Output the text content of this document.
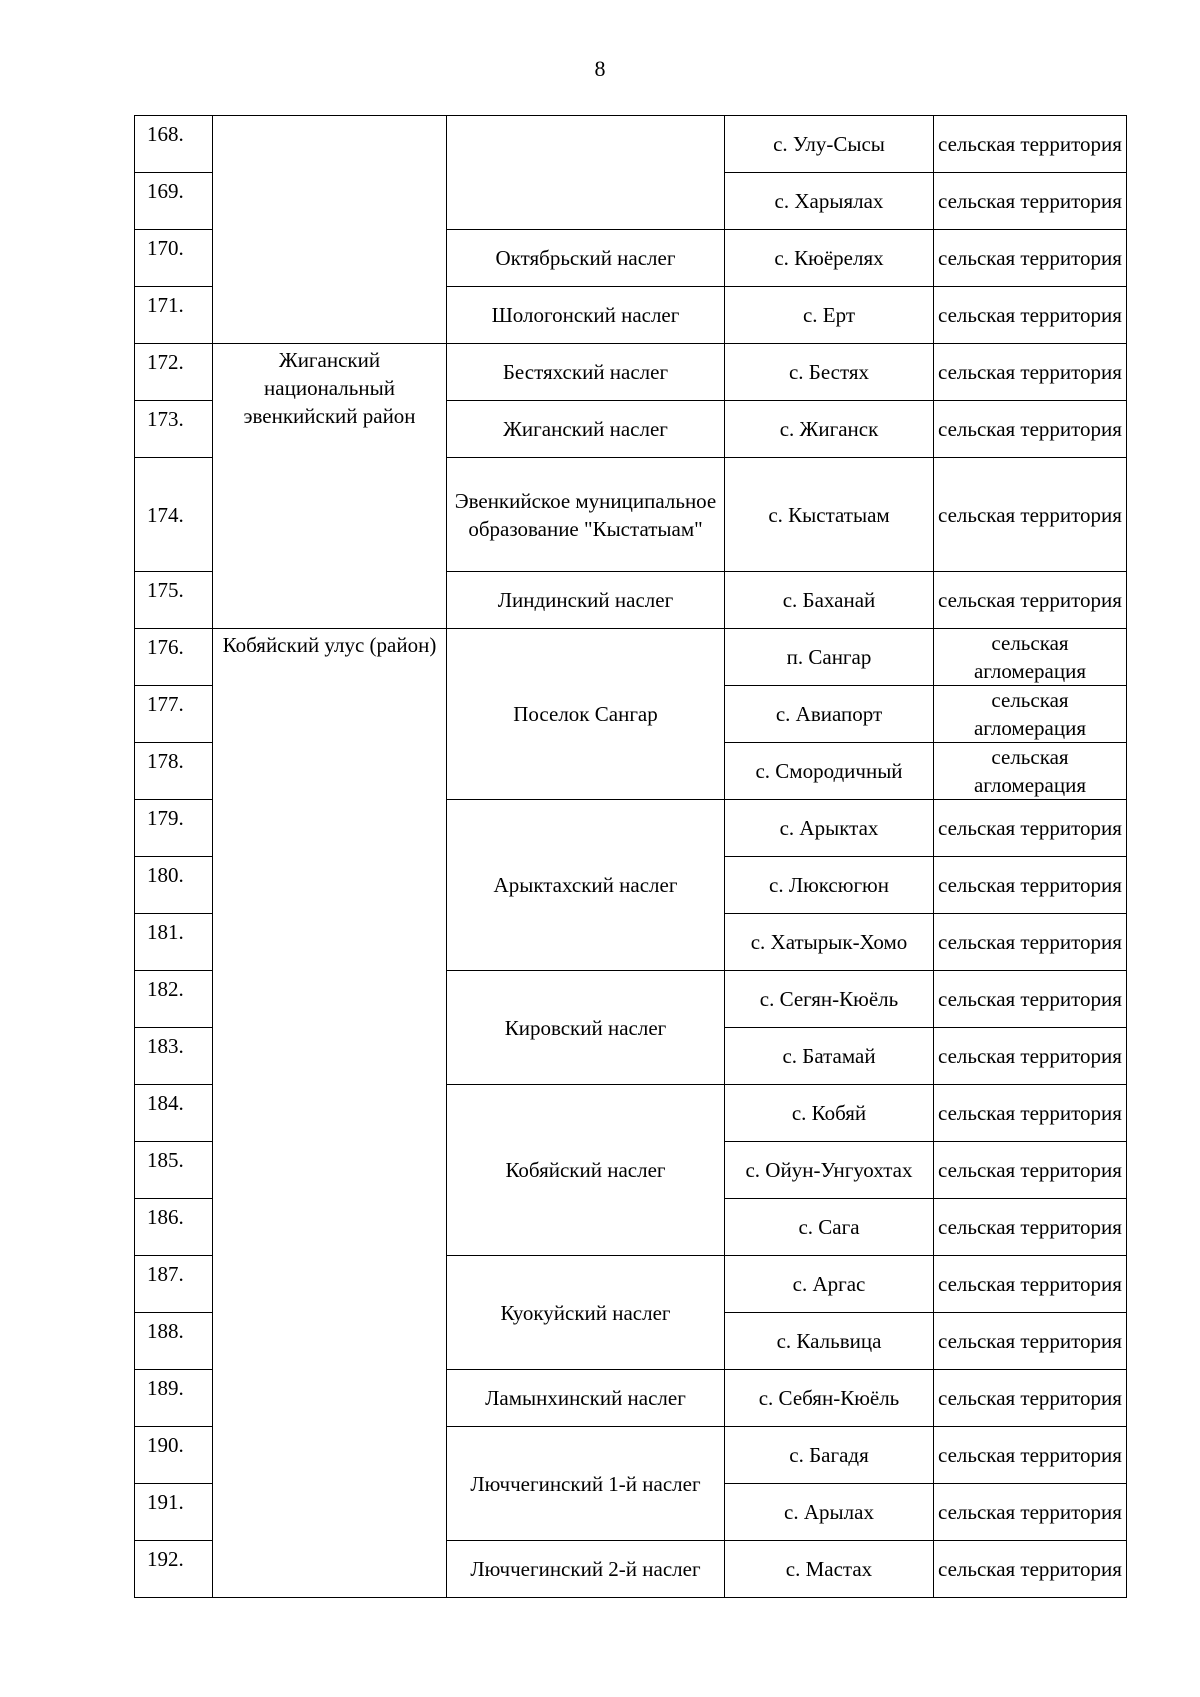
8
168.			с. Улу-Сысы	сельская территория
169.			с. Харыялах	сельская территория
170.		Октябрьский наслег	с. Кюёрелях	сельская территория
171.		Шологонский наслег	с. Ерт	сельская территория
172.	Жиганский национальный эвенкийский район	Бестяхский наслег	с. Бестях	сельская территория
173.		Жиганский наслег	с. Жиганск	сельская территория
174.		Эвенкийское муниципальное образование "Кыстатыам"	с. Кыстатыам	сельская территория
175.		Линдинский наслег	с. Баханай	сельская территория
176.	Кобяйский улус (район)	Поселок Сангар	п. Сангар	сельская агломерация
177.			с. Авиапорт	сельская агломерация
178.			с. Смородичный	сельская агломерация
179.		Арыктахский наслег	с. Арыктах	сельская территория
180.			с. Люксюгюн	сельская территория
181.			с. Хатырык-Хомо	сельская территория
182.		Кировский наслег	с. Сегян-Кюёль	сельская территория
183.			с. Батамай	сельская территория
184.		Кобяйский наслег	с. Кобяй	сельская территория
185.			с. Ойун-Унгуохтах	сельская территория
186.			с. Сага	сельская территория
187.		Куокуйский наслег	с. Аргас	сельская территория
188.			с. Кальвица	сельская территория
189.		Ламынхинский наслег	с. Себян-Кюёль	сельская территория
190.		Люччегинский 1-й наслег	с. Багадя	сельская территория
191.			с. Арылах	сельская территория
192.		Люччегинский 2-й наслег	с. Мастах	сельская территория
